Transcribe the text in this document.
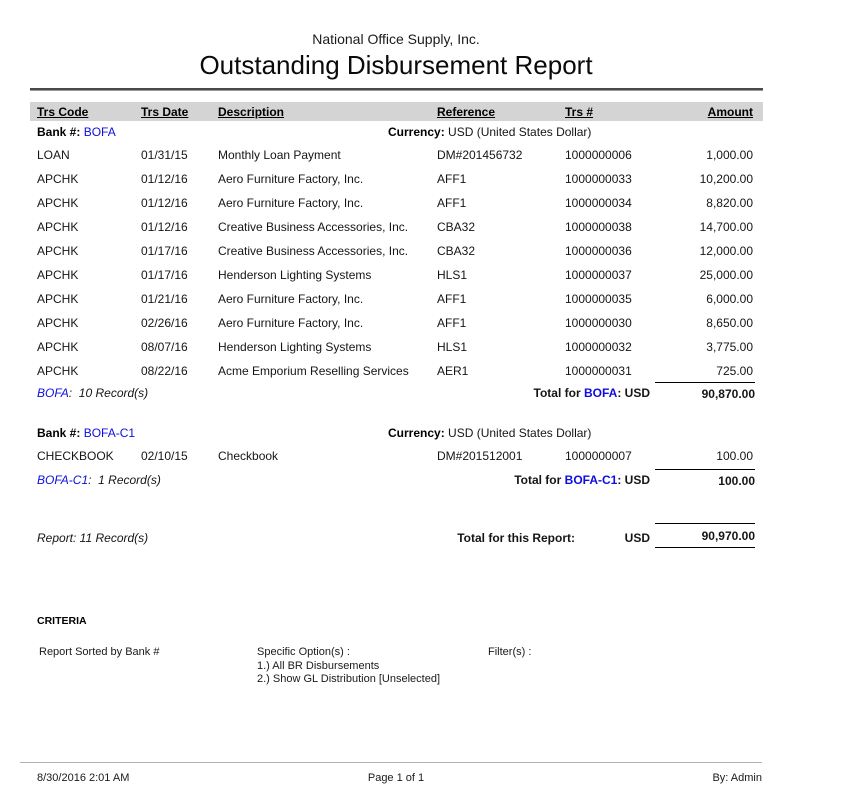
National Office Supply, Inc.
Outstanding Disbursement Report
Trs Code	Trs Date	Description	Reference	Trs #	Amount
Bank #: BOFA	Currency: USD (United States Dollar)
LOAN	01/31/15	Monthly Loan Payment	DM#201456732	1000000006	1,000.00
APCHK	01/12/16	Aero Furniture Factory, Inc.	AFF1	1000000033	10,200.00
APCHK	01/12/16	Aero Furniture Factory, Inc.	AFF1	1000000034	8,820.00
APCHK	01/12/16	Creative Business Accessories, Inc.	CBA32	1000000038	14,700.00
APCHK	01/17/16	Creative Business Accessories, Inc.	CBA32	1000000036	12,000.00
APCHK	01/17/16	Henderson Lighting Systems	HLS1	1000000037	25,000.00
APCHK	01/21/16	Aero Furniture Factory, Inc.	AFF1	1000000035	6,000.00
APCHK	02/26/16	Aero Furniture Factory, Inc.	AFF1	1000000030	8,650.00
APCHK	08/07/16	Henderson Lighting Systems	HLS1	1000000032	3,775.00
APCHK	08/22/16	Acme Emporium Reselling Services	AER1	1000000031	725.00
BOFA:  10 Record(s)	Total for BOFA: USD	90,870.00
Bank #: BOFA-C1	Currency: USD (United States Dollar)
CHECKBOOK	02/10/15	Checkbook	DM#201512001	1000000007	100.00
BOFA-C1:  1 Record(s)	Total for BOFA-C1: USD	100.00
Report: 11 Record(s)	Total for this Report:	USD	90,970.00
CRITERIA
Report Sorted by Bank #	Specific Option(s) :
1.) All BR Disbursements
2.) Show GL Distribution [Unselected]
Filter(s) :
8/30/2016 2:01 AM	Page 1 of 1	By: Admin
